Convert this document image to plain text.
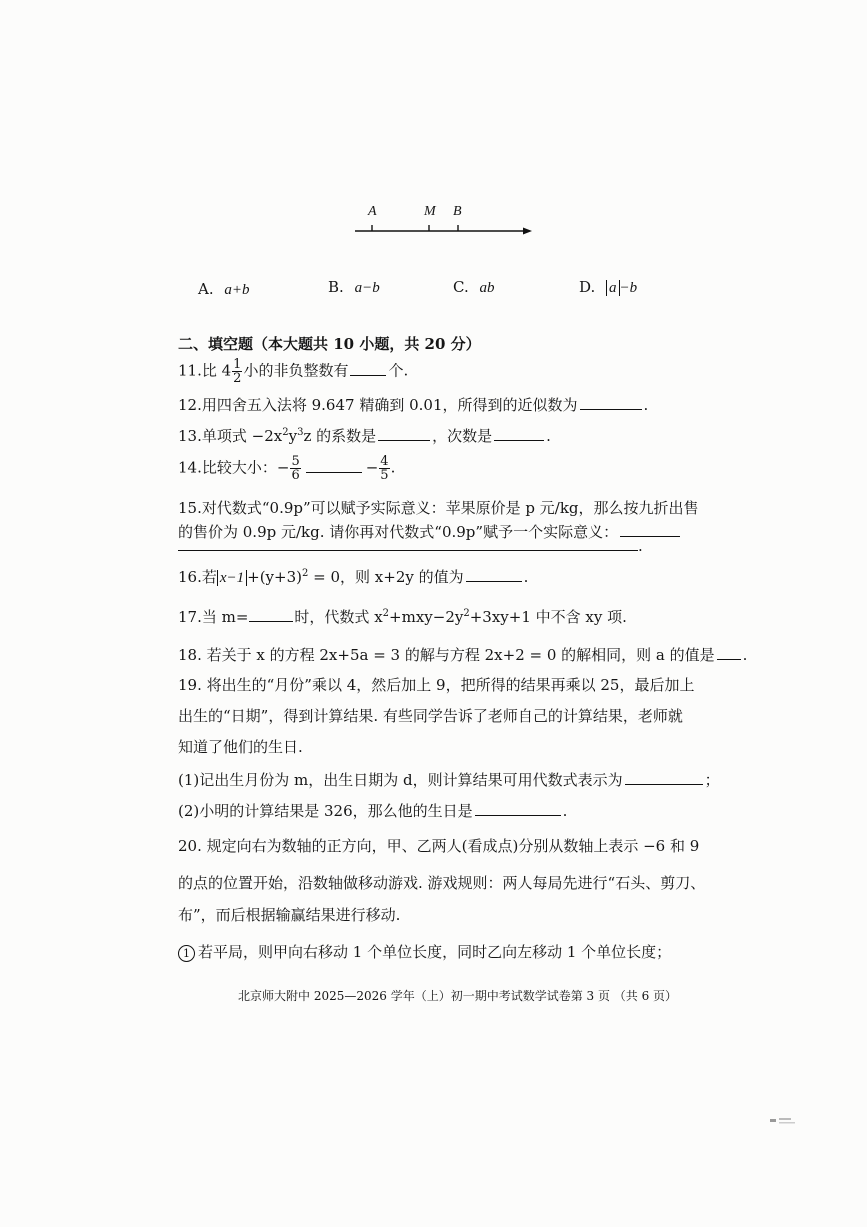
A	M B
A. a+b	B. a−b	C. ab	D. a −b
二、填空题（本大题共 10 小题，共 20 分）
11.比 $4 \frac{1}{2}$ 小的非负整数有	个.
12.用四舍五入法将 9.647 精确到 0.01，所得到的近似数为	.
13.单项式 $-2x^2y^3z$ 的系数是	，次数是	.
14.比较大小：− $\frac{5}{6}$	− $\frac{4}{5}$ .
15.对代数式“0.9p”可以赋予实际意义：苹果原价是 p 元/kg，那么按九折出售
的售价为 0.9p 元/kg. 请你再对代数式“0.9p”赋予一个实际意义：
.
16.若 $x-1 +(y+3)^2 = 0$，则 x+2y 的值为	.
17.当 m=	时，代数式 $x^2+mxy-2y^2+3xy+1$ 中不含 xy 项.
18. 若关于 x 的方程 2x+5a = 3 的解与方程 2x+2 = 0 的解相同，则 a 的值是 .
19. 将出生的“月份”乘以 4，然后加上 9，把所得的结果再乘以 25，最后加上
出生的“日期”，得到计算结果. 有些同学告诉了老师自己的计算结果，老师就
知道了他们的生日.
(1)记出生月份为 m，出生日期为 d，则计算结果可用代数式表示为	；
(2)小明的计算结果是 326，那么他的生日是	.
20. 规定向右为数轴的正方向，甲、乙两人(看成点)分别从数轴上表示 −6 和 9
的点的位置开始，沿数轴做移动游戏. 游戏规则：两人每局先进行“石头、剪刀、
布”，而后根据输赢结果进行移动.
1 若平局，则甲向右移动 1 个单位长度，同时乙向左移动 1 个单位长度；
北京师大附中 2025—2026 学年（上）初一期中考试数学试卷第 3 页 （共 6 页）
